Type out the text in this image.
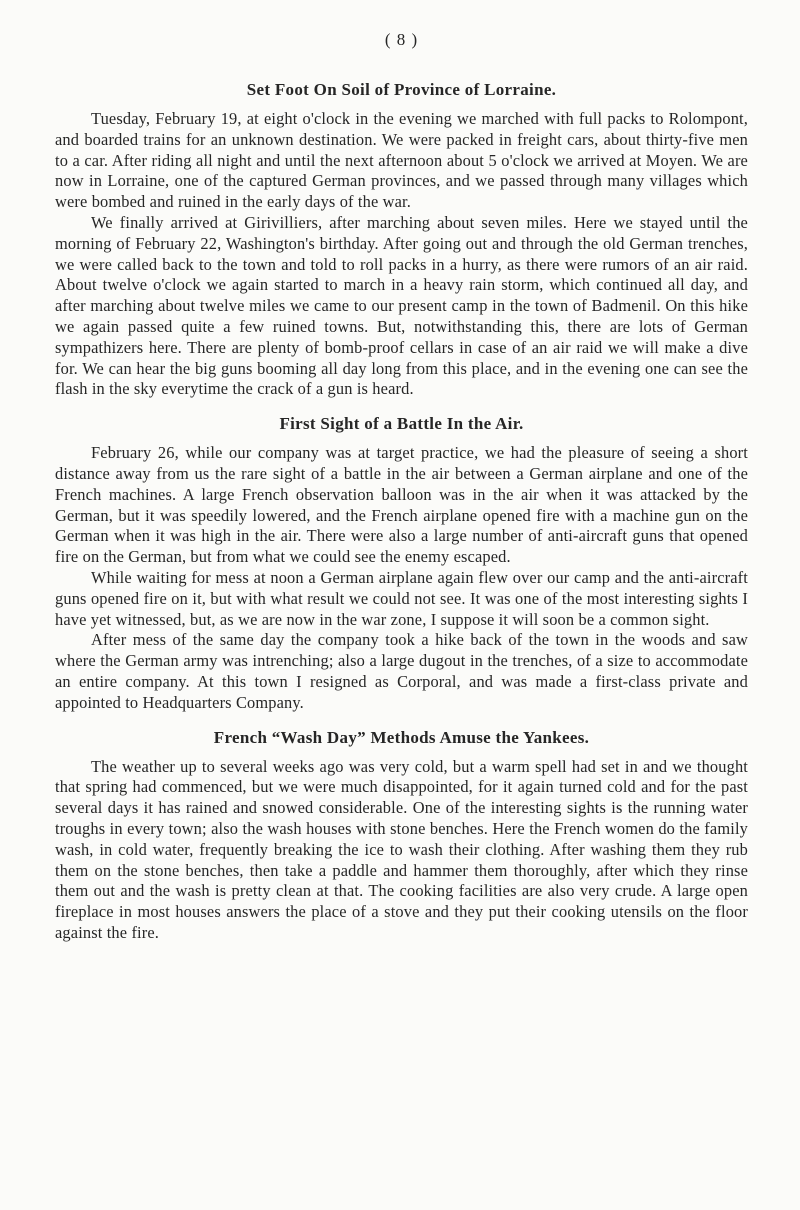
( 8 )
Set Foot On Soil of Province of Lorraine.

Tuesday, February 19, at eight o'clock in the evening we marched with full packs to Rolompont, and boarded trains for an unknown destination. We were packed in freight cars, about thirty-five men to a car. After riding all night and until the next afternoon about 5 o'clock we arrived at Moyen. We are now in Lorraine, one of the captured German provinces, and we passed through many villages which were bombed and ruined in the early days of the war.

We finally arrived at Girivilliers, after marching about seven miles. Here we stayed until the morning of February 22, Washington's birthday. After going out and through the old German trenches, we were called back to the town and told to roll packs in a hurry, as there were rumors of an air raid. About twelve o'clock we again started to march in a heavy rain storm, which continued all day, and after marching about twelve miles we came to our present camp in the town of Badmenil. On this hike we again passed quite a few ruined towns. But, notwithstanding this, there are lots of German sympathizers here. There are plenty of bomb-proof cellars in case of an air raid we will make a dive for. We can hear the big guns booming all day long from this place, and in the evening one can see the flash in the sky everytime the crack of a gun is heard.

First Sight of a Battle In the Air.

February 26, while our company was at target practice, we had the pleasure of seeing a short distance away from us the rare sight of a battle in the air between a German airplane and one of the French machines. A large French observation balloon was in the air when it was attacked by the German, but it was speedily lowered, and the French airplane opened fire with a machine gun on the German when it was high in the air. There were also a large number of anti-aircraft guns that opened fire on the German, but from what we could see the enemy escaped.

While waiting for mess at noon a German airplane again flew over our camp and the anti-aircraft guns opened fire on it, but with what result we could not see. It was one of the most interesting sights I have yet witnessed, but, as we are now in the war zone, I suppose it will soon be a common sight.

After mess of the same day the company took a hike back of the town in the woods and saw where the German army was intrenching; also a large dugout in the trenches, of a size to accommodate an entire company. At this town I resigned as Corporal, and was made a first-class private and appointed to Headquarters Company.

French “Wash Day” Methods Amuse the Yankees.

The weather up to several weeks ago was very cold, but a warm spell had set in and we thought that spring had commenced, but we were much disappointed, for it again turned cold and for the past several days it has rained and snowed considerable. One of the interesting sights is the running water troughs in every town; also the wash houses with stone benches. Here the French women do the family wash, in cold water, frequently breaking the ice to wash their clothing. After washing them they rub them on the stone benches, then take a paddle and hammer them thoroughly, after which they rinse them out and the wash is pretty clean at that. The cooking facilities are also very crude. A large open fireplace in most houses answers the place of a stove and they put their cooking utensils on the floor against the fire.
